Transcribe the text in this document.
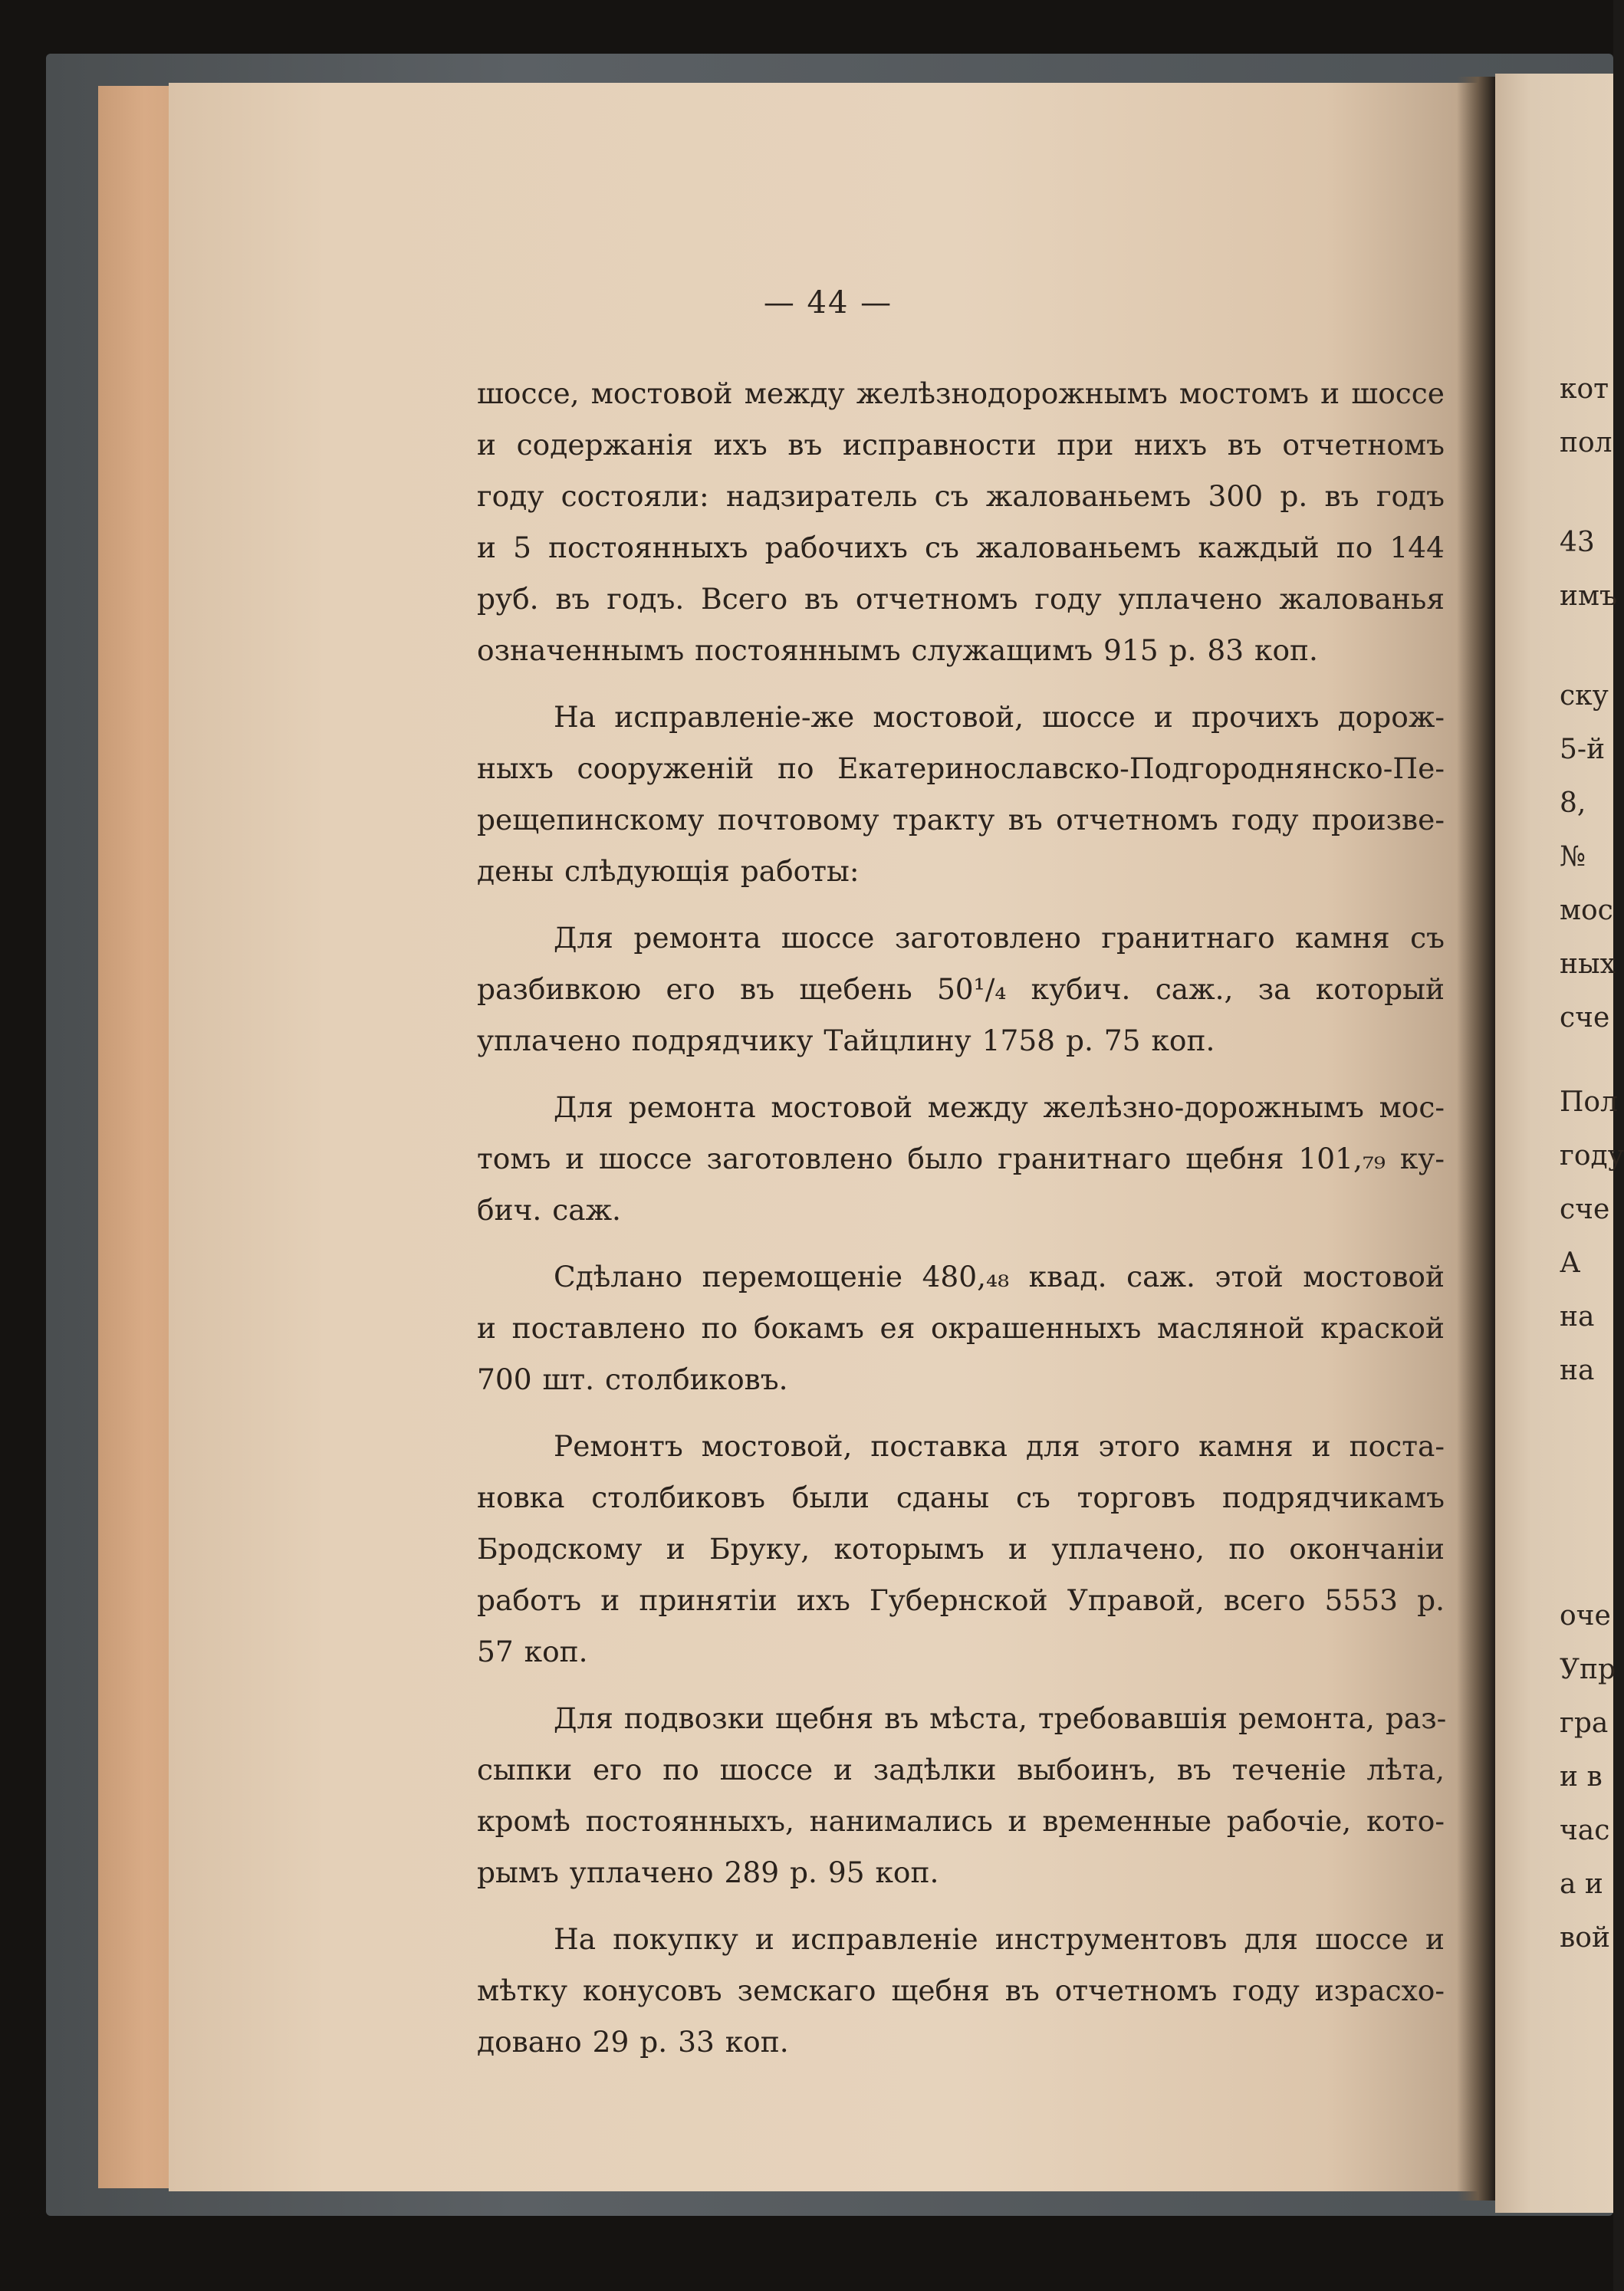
кот
пол
43
имъ
ску
5-й
8,
№
мос
ных
сче
Пол
году
сче
А
на
на
оче
Упр
гра
и в
час
а и
вой
— 44 —
шоссе, мостовой между желѣзнодорожнымъ мостомъ и шоссе
и содержанія ихъ въ исправности при нихъ въ отчетномъ
году состояли: надзиратель съ жалованьемъ 300 р. въ годъ
и 5 постоянныхъ рабочихъ съ жалованьемъ каждый по 144
руб. въ годъ. Всего въ отчетномъ году уплачено жалованья
означеннымъ постояннымъ служащимъ 915 р. 83 коп.
На исправленіе-же мостовой, шоссе и прочихъ дорож-
ныхъ сооруженій по Екатеринославско-Подгороднянско-Пе-
рещепинскому почтовому тракту въ отчетномъ году произве-
дены слѣдующія работы:
Для ремонта шоссе заготовлено гранитнаго камня съ
разбивкою его въ щебень 50¹/₄ кубич. саж., за который
уплачено подрядчику Тайцлину 1758 р. 75 коп.
Для ремонта мостовой между желѣзно-дорожнымъ мос-
томъ и шоссе заготовлено было гранитнаго щебня 101,₇₉ ку-
бич. саж.
Сдѣлано перемощеніе 480,₄₈ квад. саж. этой мостовой
и поставлено по бокамъ ея окрашенныхъ масляной краской
700 шт. столбиковъ.
Ремонтъ мостовой, поставка для этого камня и поста-
новка столбиковъ были сданы съ торговъ подрядчикамъ
Бродскому и Бруку, которымъ и уплачено, по окончаніи
работъ и принятіи ихъ Губернской Управой, всего 5553 р.
57 коп.
Для подвозки щебня въ мѣста, требовавшія ремонта, раз-
сыпки его по шоссе и задѣлки выбоинъ, въ теченіе лѣта,
кромѣ постоянныхъ, нанимались и временные рабочіе, кото-
рымъ уплачено 289 р. 95 коп.
На покупку и исправленіе инструментовъ для шоссе и
мѣтку конусовъ земскаго щебня въ отчетномъ году израсхо-
довано 29 р. 33 коп.
